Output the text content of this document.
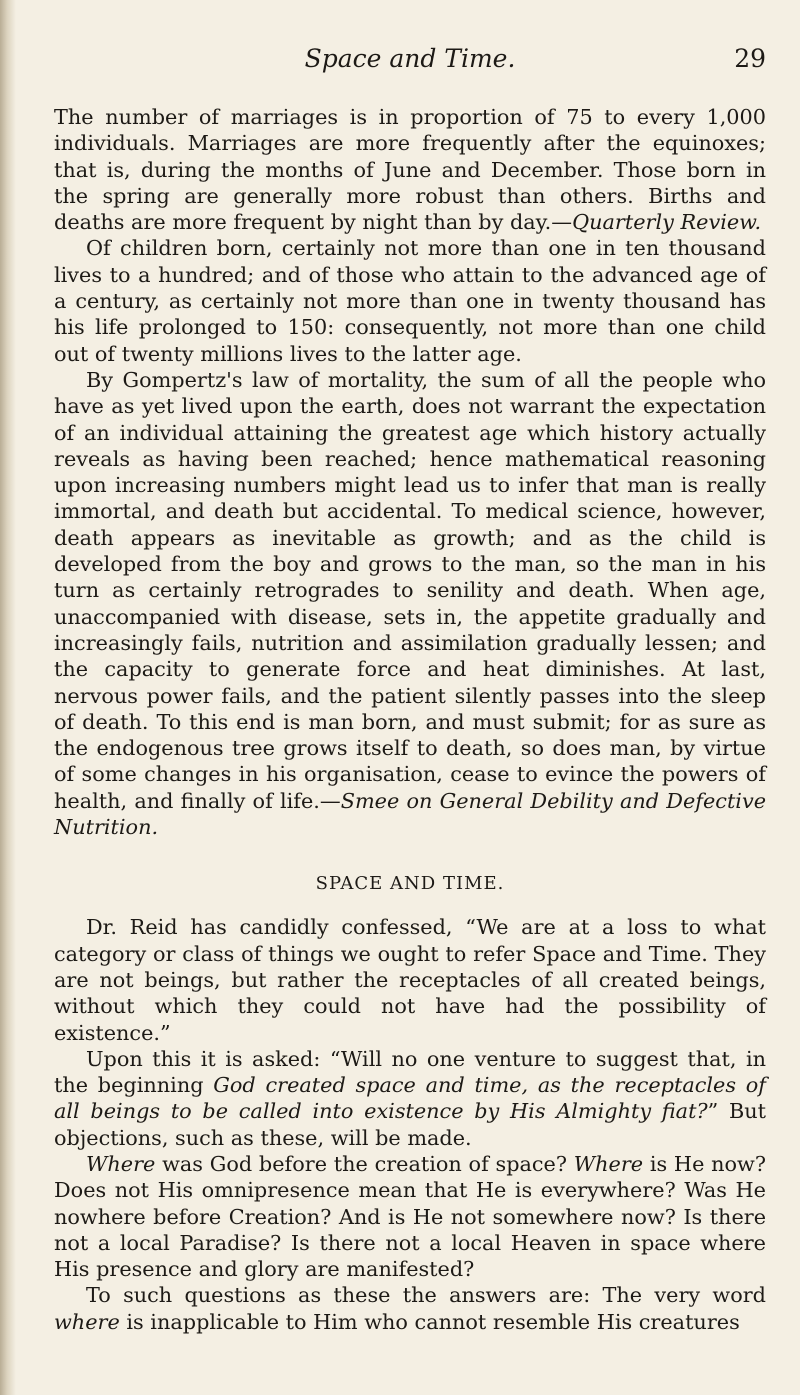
Space and Time.	29

The number of marriages is in proportion of 75 to every 1,000 individuals. Marriages are more frequently after the equinoxes; that is, during the months of June and December. Those born in the spring are generally more robust than others. Births and deaths are more frequent by night than by day.—Quarterly Review.

Of children born, certainly not more than one in ten thousand lives to a hundred; and of those who attain to the advanced age of a century, as certainly not more than one in twenty thousand has his life prolonged to 150: consequently, not more than one child out of twenty millions lives to the latter age.

By Gompertz's law of mortality, the sum of all the people who have as yet lived upon the earth, does not warrant the expectation of an individual attaining the greatest age which history actually reveals as having been reached; hence mathematical reasoning upon increasing numbers might lead us to infer that man is really immortal, and death but accidental. To medical science, however, death appears as inevitable as growth; and as the child is developed from the boy and grows to the man, so the man in his turn as certainly retrogrades to senility and death. When age, unaccompanied with disease, sets in, the appetite gradually and increasingly fails, nutrition and assimilation gradually lessen; and the capacity to generate force and heat diminishes. At last, nervous power fails, and the patient silently passes into the sleep of death. To this end is man born, and must submit; for as sure as the endogenous tree grows itself to death, so does man, by virtue of some changes in his organisation, cease to evince the powers of health, and finally of life.—Smee on General Debility and Defective Nutrition.

SPACE AND TIME.

Dr. Reid has candidly confessed, “We are at a loss to what category or class of things we ought to refer Space and Time. They are not beings, but rather the receptacles of all created beings, without which they could not have had the possibility of existence.”

Upon this it is asked: “Will no one venture to suggest that, in the beginning God created space and time, as the receptacles of all beings to be called into existence by His Almighty fiat?” But objections, such as these, will be made.

Where was God before the creation of space? Where is He now? Does not His omnipresence mean that He is everywhere? Was He nowhere before Creation? And is He not somewhere now? Is there not a local Paradise? Is there not a local Heaven in space where His presence and glory are manifested?

To such questions as these the answers are: The very word where is inapplicable to Him who cannot resemble His creatures
